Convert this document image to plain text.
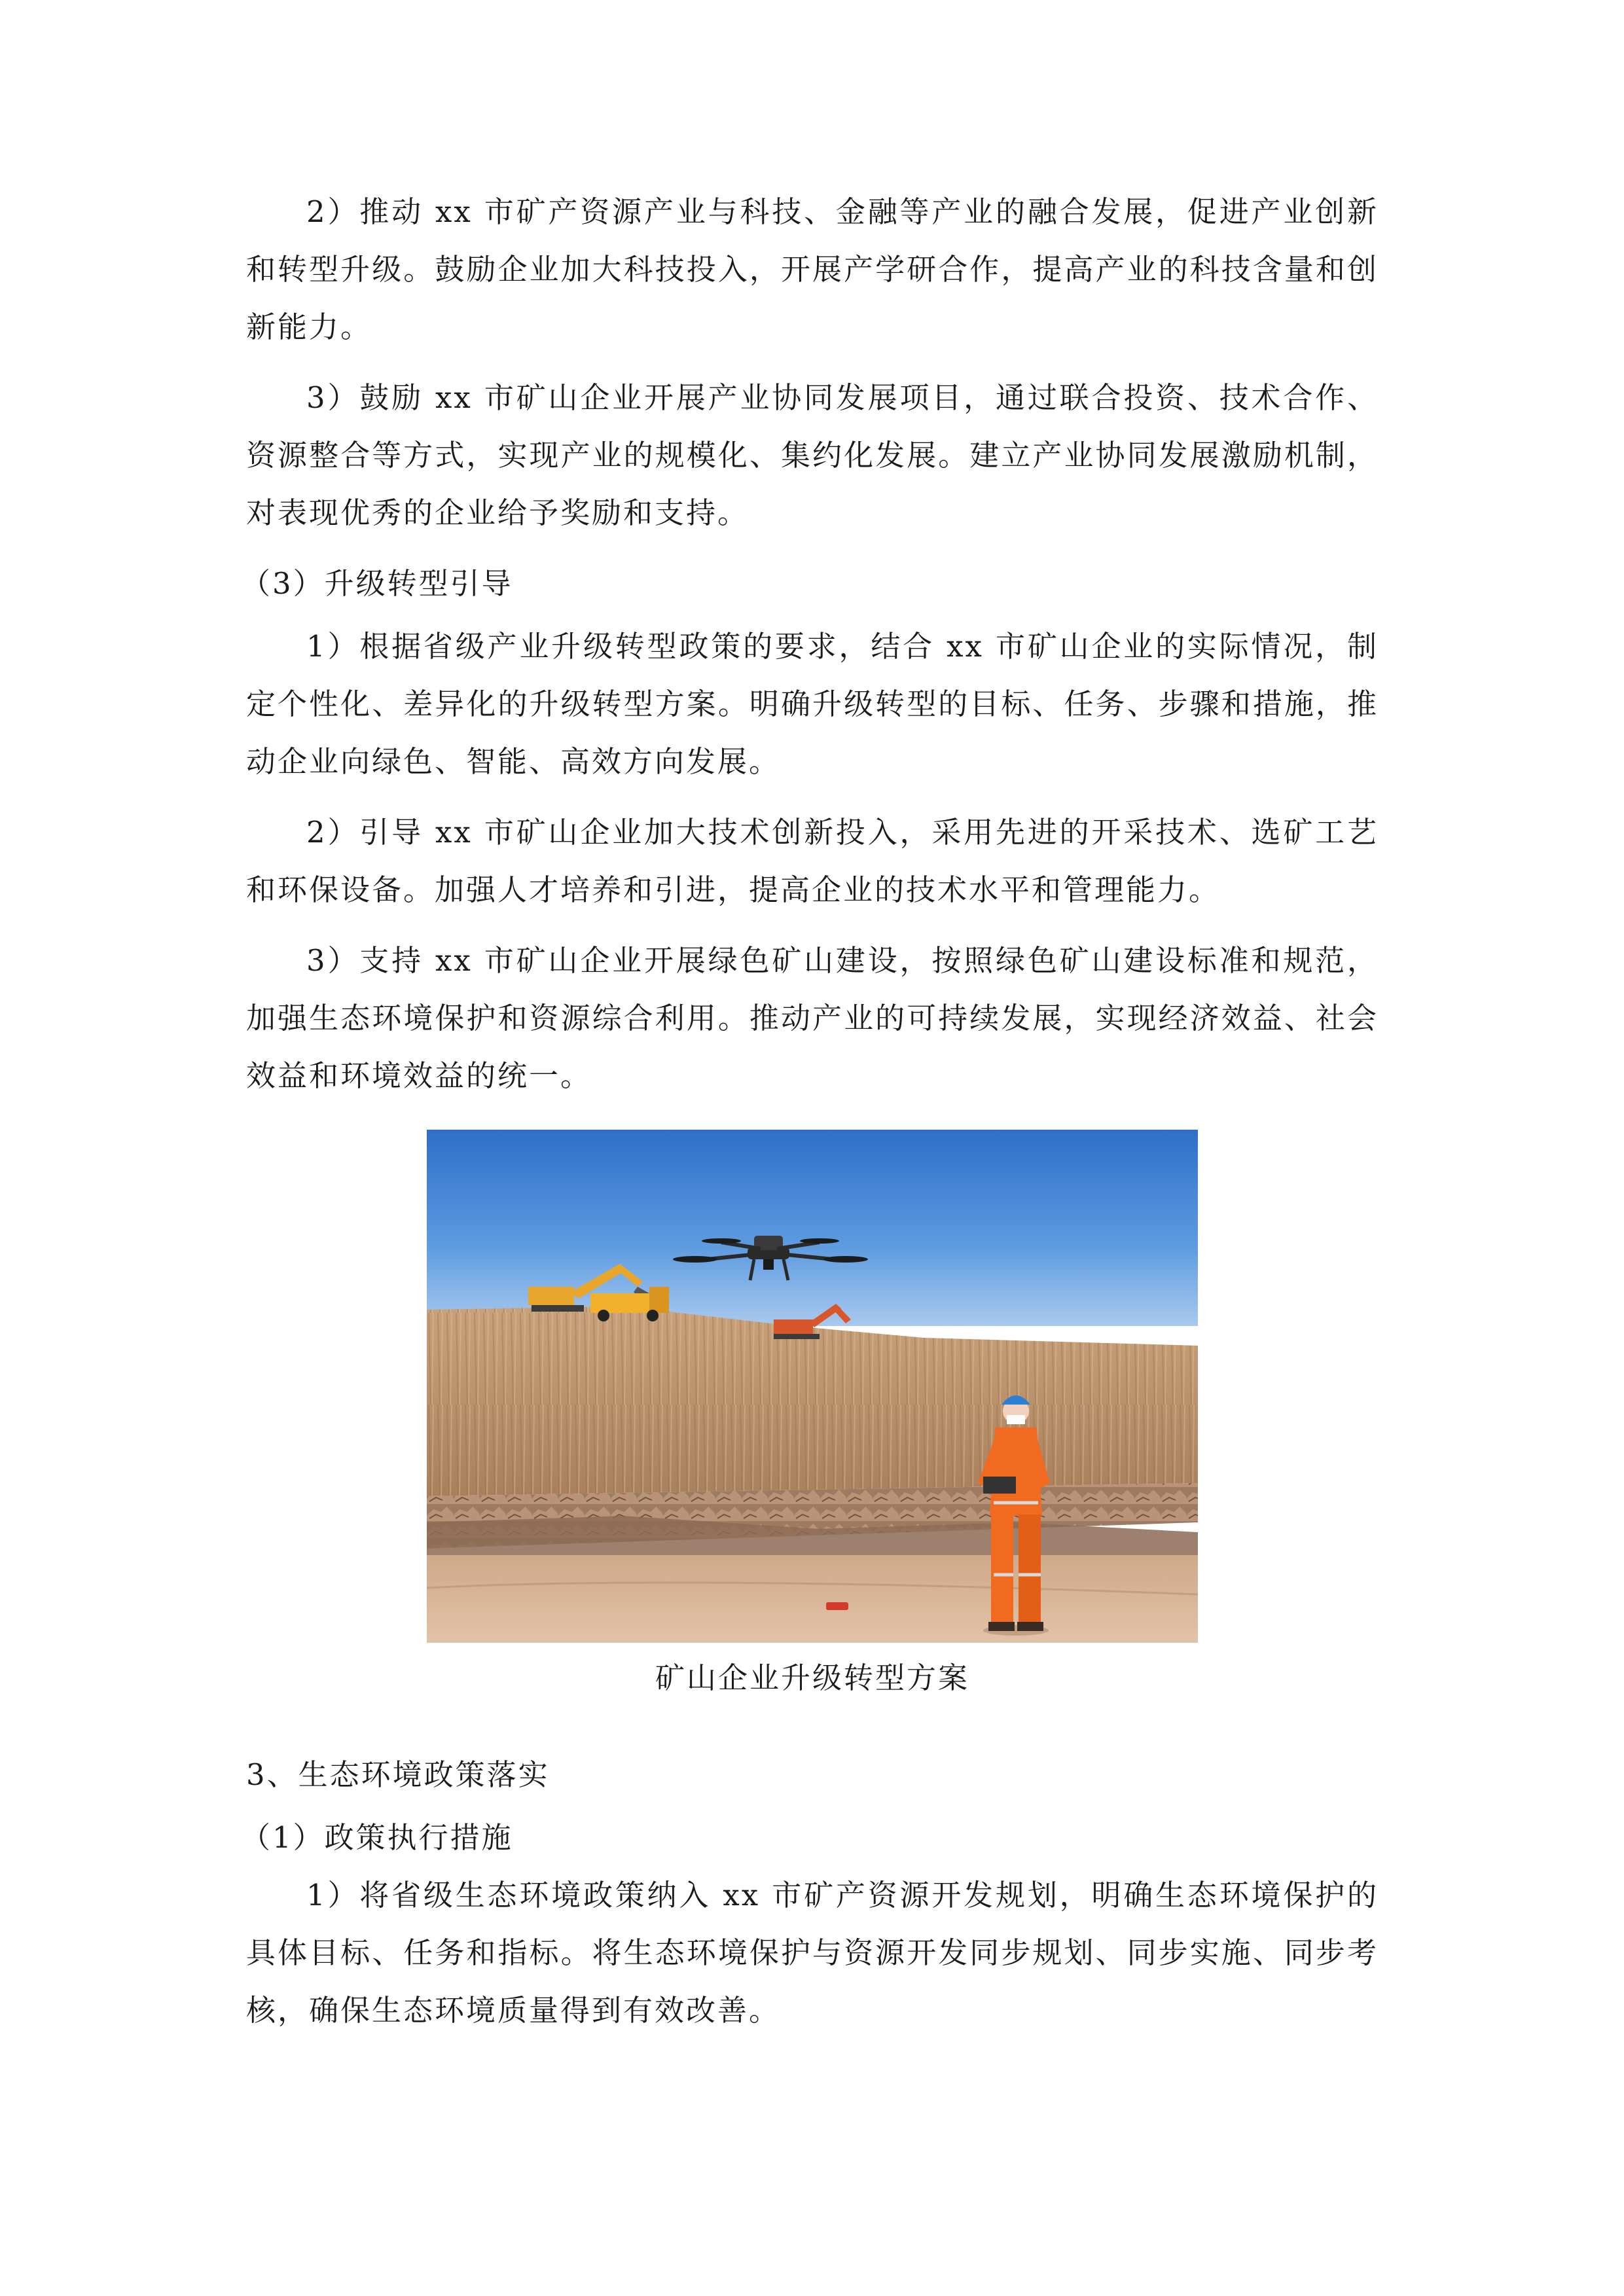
2）推动 xx 市矿产资源产业与科技、金融等产业的融合发展，促进产业创新和转型升级。鼓励企业加大科技投入，开展产学研合作，提高产业的科技含量和创新能力。

3）鼓励 xx 市矿山企业开展产业协同发展项目，通过联合投资、技术合作、资源整合等方式，实现产业的规模化、集约化发展。建立产业协同发展激励机制，对表现优秀的企业给予奖励和支持。

（3）升级转型引导

1）根据省级产业升级转型政策的要求，结合 xx 市矿山企业的实际情况，制定个性化、差异化的升级转型方案。明确升级转型的目标、任务、步骤和措施，推动企业向绿色、智能、高效方向发展。

2）引导 xx 市矿山企业加大技术创新投入，采用先进的开采技术、选矿工艺和环保设备。加强人才培养和引进，提高企业的技术水平和管理能力。

3）支持 xx 市矿山企业开展绿色矿山建设，按照绿色矿山建设标准和规范，加强生态环境保护和资源综合利用。推动产业的可持续发展，实现经济效益、社会效益和环境效益的统一。

矿山企业升级转型方案

3、生态环境政策落实

（1）政策执行措施

1）将省级生态环境政策纳入 xx 市矿产资源开发规划，明确生态环境保护的具体目标、任务和指标。将生态环境保护与资源开发同步规划、同步实施、同步考核，确保生态环境质量得到有效改善。
